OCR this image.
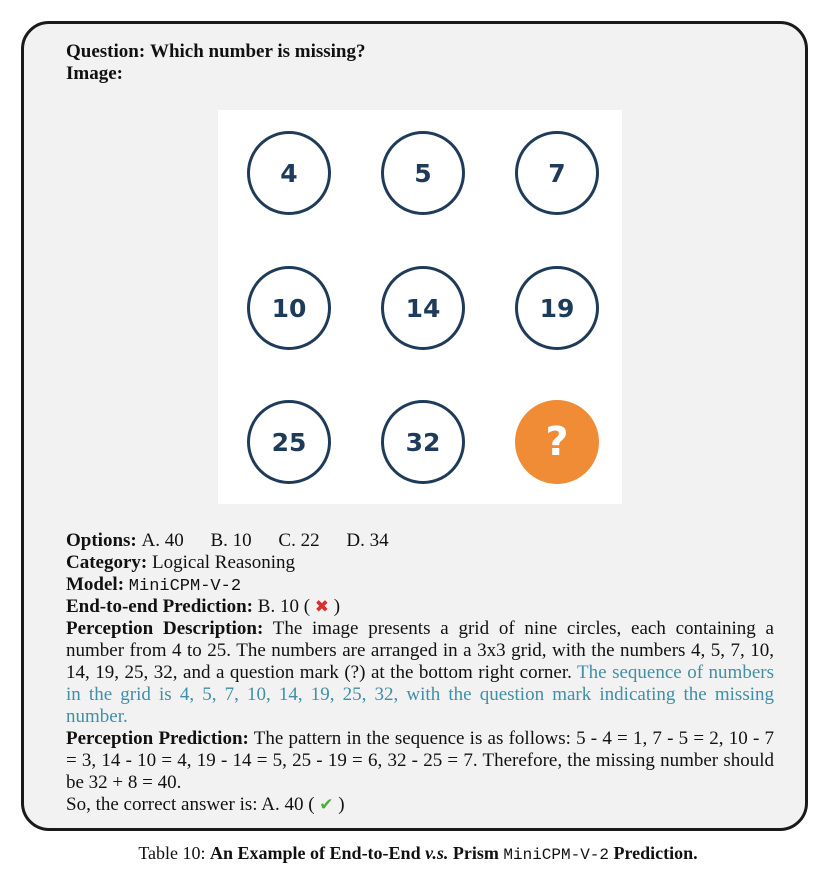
Question: Which number is missing?
Image:
4	5	7
10	14	19
25	32	?
Options: A. 40 B. 10 C. 22 D. 34
Category: Logical Reasoning
Model: MiniCPM-V-2
End-to-end Prediction: B. 10 ( ✖ )
Perception Description: The image presents a grid of nine circles, each containing a number from 4 to 25. The numbers are arranged in a 3x3 grid, with the numbers 4, 5, 7, 10, 14, 19, 25, 32, and a question mark (?) at the bottom right corner. The sequence of numbers in the grid is 4, 5, 7, 10, 14, 19, 25, 32, with the question mark indicating the missing number.
Perception Prediction: The pattern in the sequence is as follows: 5 - 4 = 1, 7 - 5 = 2, 10 - 7 = 3, 14 - 10 = 4, 19 - 14 = 5, 25 - 19 = 6, 32 - 25 = 7. Therefore, the missing number should be 32 + 8 = 40.
So, the correct answer is: A. 40 ( ✔ )
Table 10: An Example of End-to-End v.s. Prism MiniCPM-V-2 Prediction.
